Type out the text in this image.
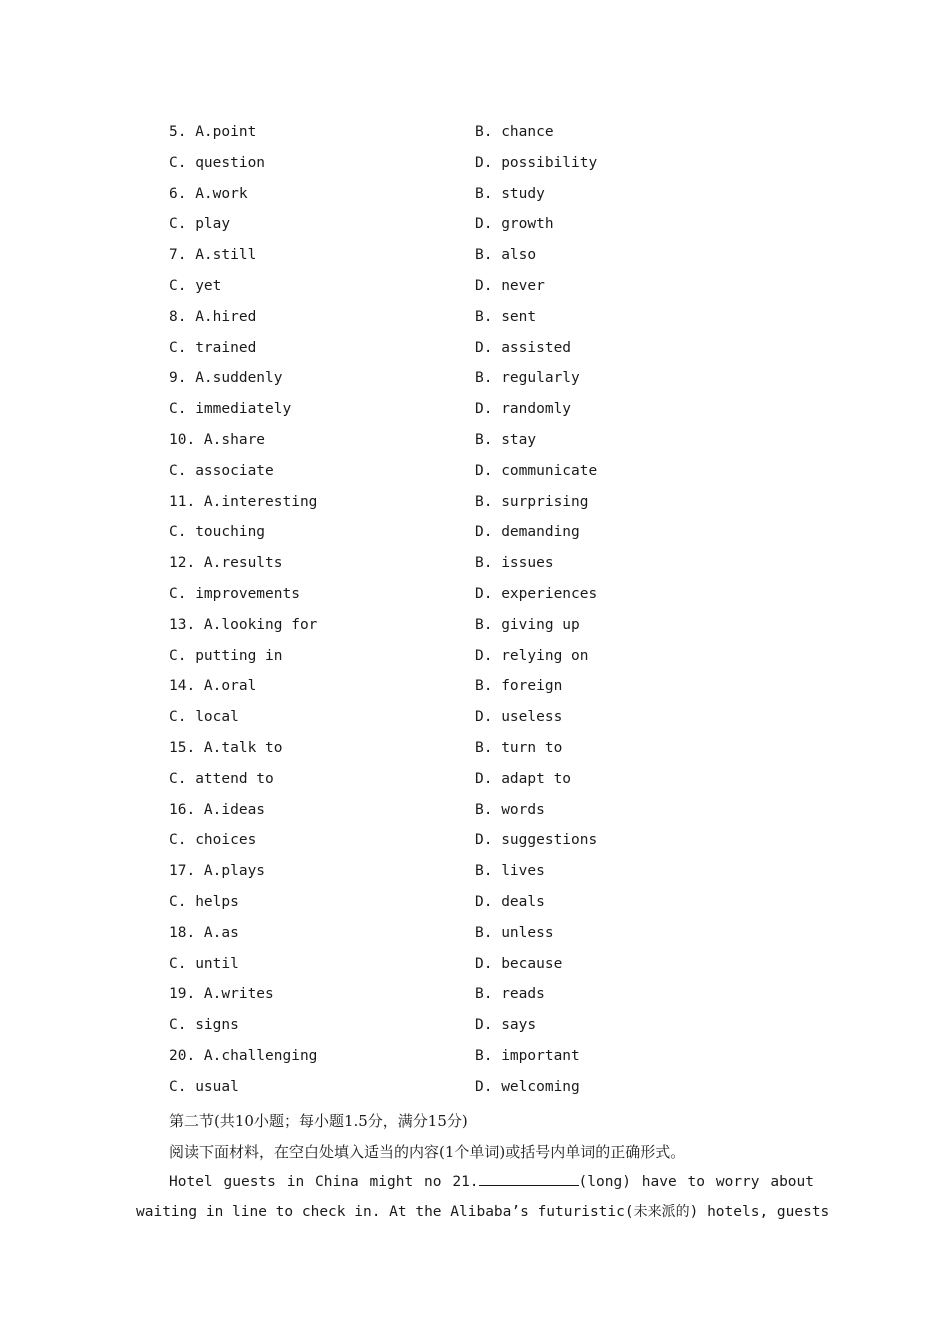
5. A.point	B. chance
C. question	D. possibility
6. A.work	B. study
C. play	D. growth
7. A.still	B. also
C. yet	D. never
8. A.hired	B. sent
C. trained	D. assisted
9. A.suddenly	B. regularly
C. immediately	D. randomly
10. A.share	B. stay
C. associate	D. communicate
11. A.interesting	B. surprising
C. touching	D. demanding
12. A.results	B. issues
C. improvements	D. experiences
13. A.looking for	B. giving up
C. putting in	D. relying on
14. A.oral	B. foreign
C. local	D. useless
15. A.talk to	B. turn to
C. attend to	D. adapt to
16. A.ideas	B. words
C. choices	D. suggestions
17. A.plays	B. lives
C. helps	D. deals
18. A.as	B. unless
C. until	D. because
19. A.writes	B. reads
C. signs	D. says
20. A.challenging	B. important
C. usual	D. welcoming
第二节(共10小题；每小题1.5分，满分15分)
阅读下面材料，在空白处填入适当的内容(1个单词)或括号内单词的正确形式。
Hotel guests in China might no 21.	(long) have to worry about
waiting in line to check in. At the Alibaba’s futuristic(未来派的) hotels, guests
